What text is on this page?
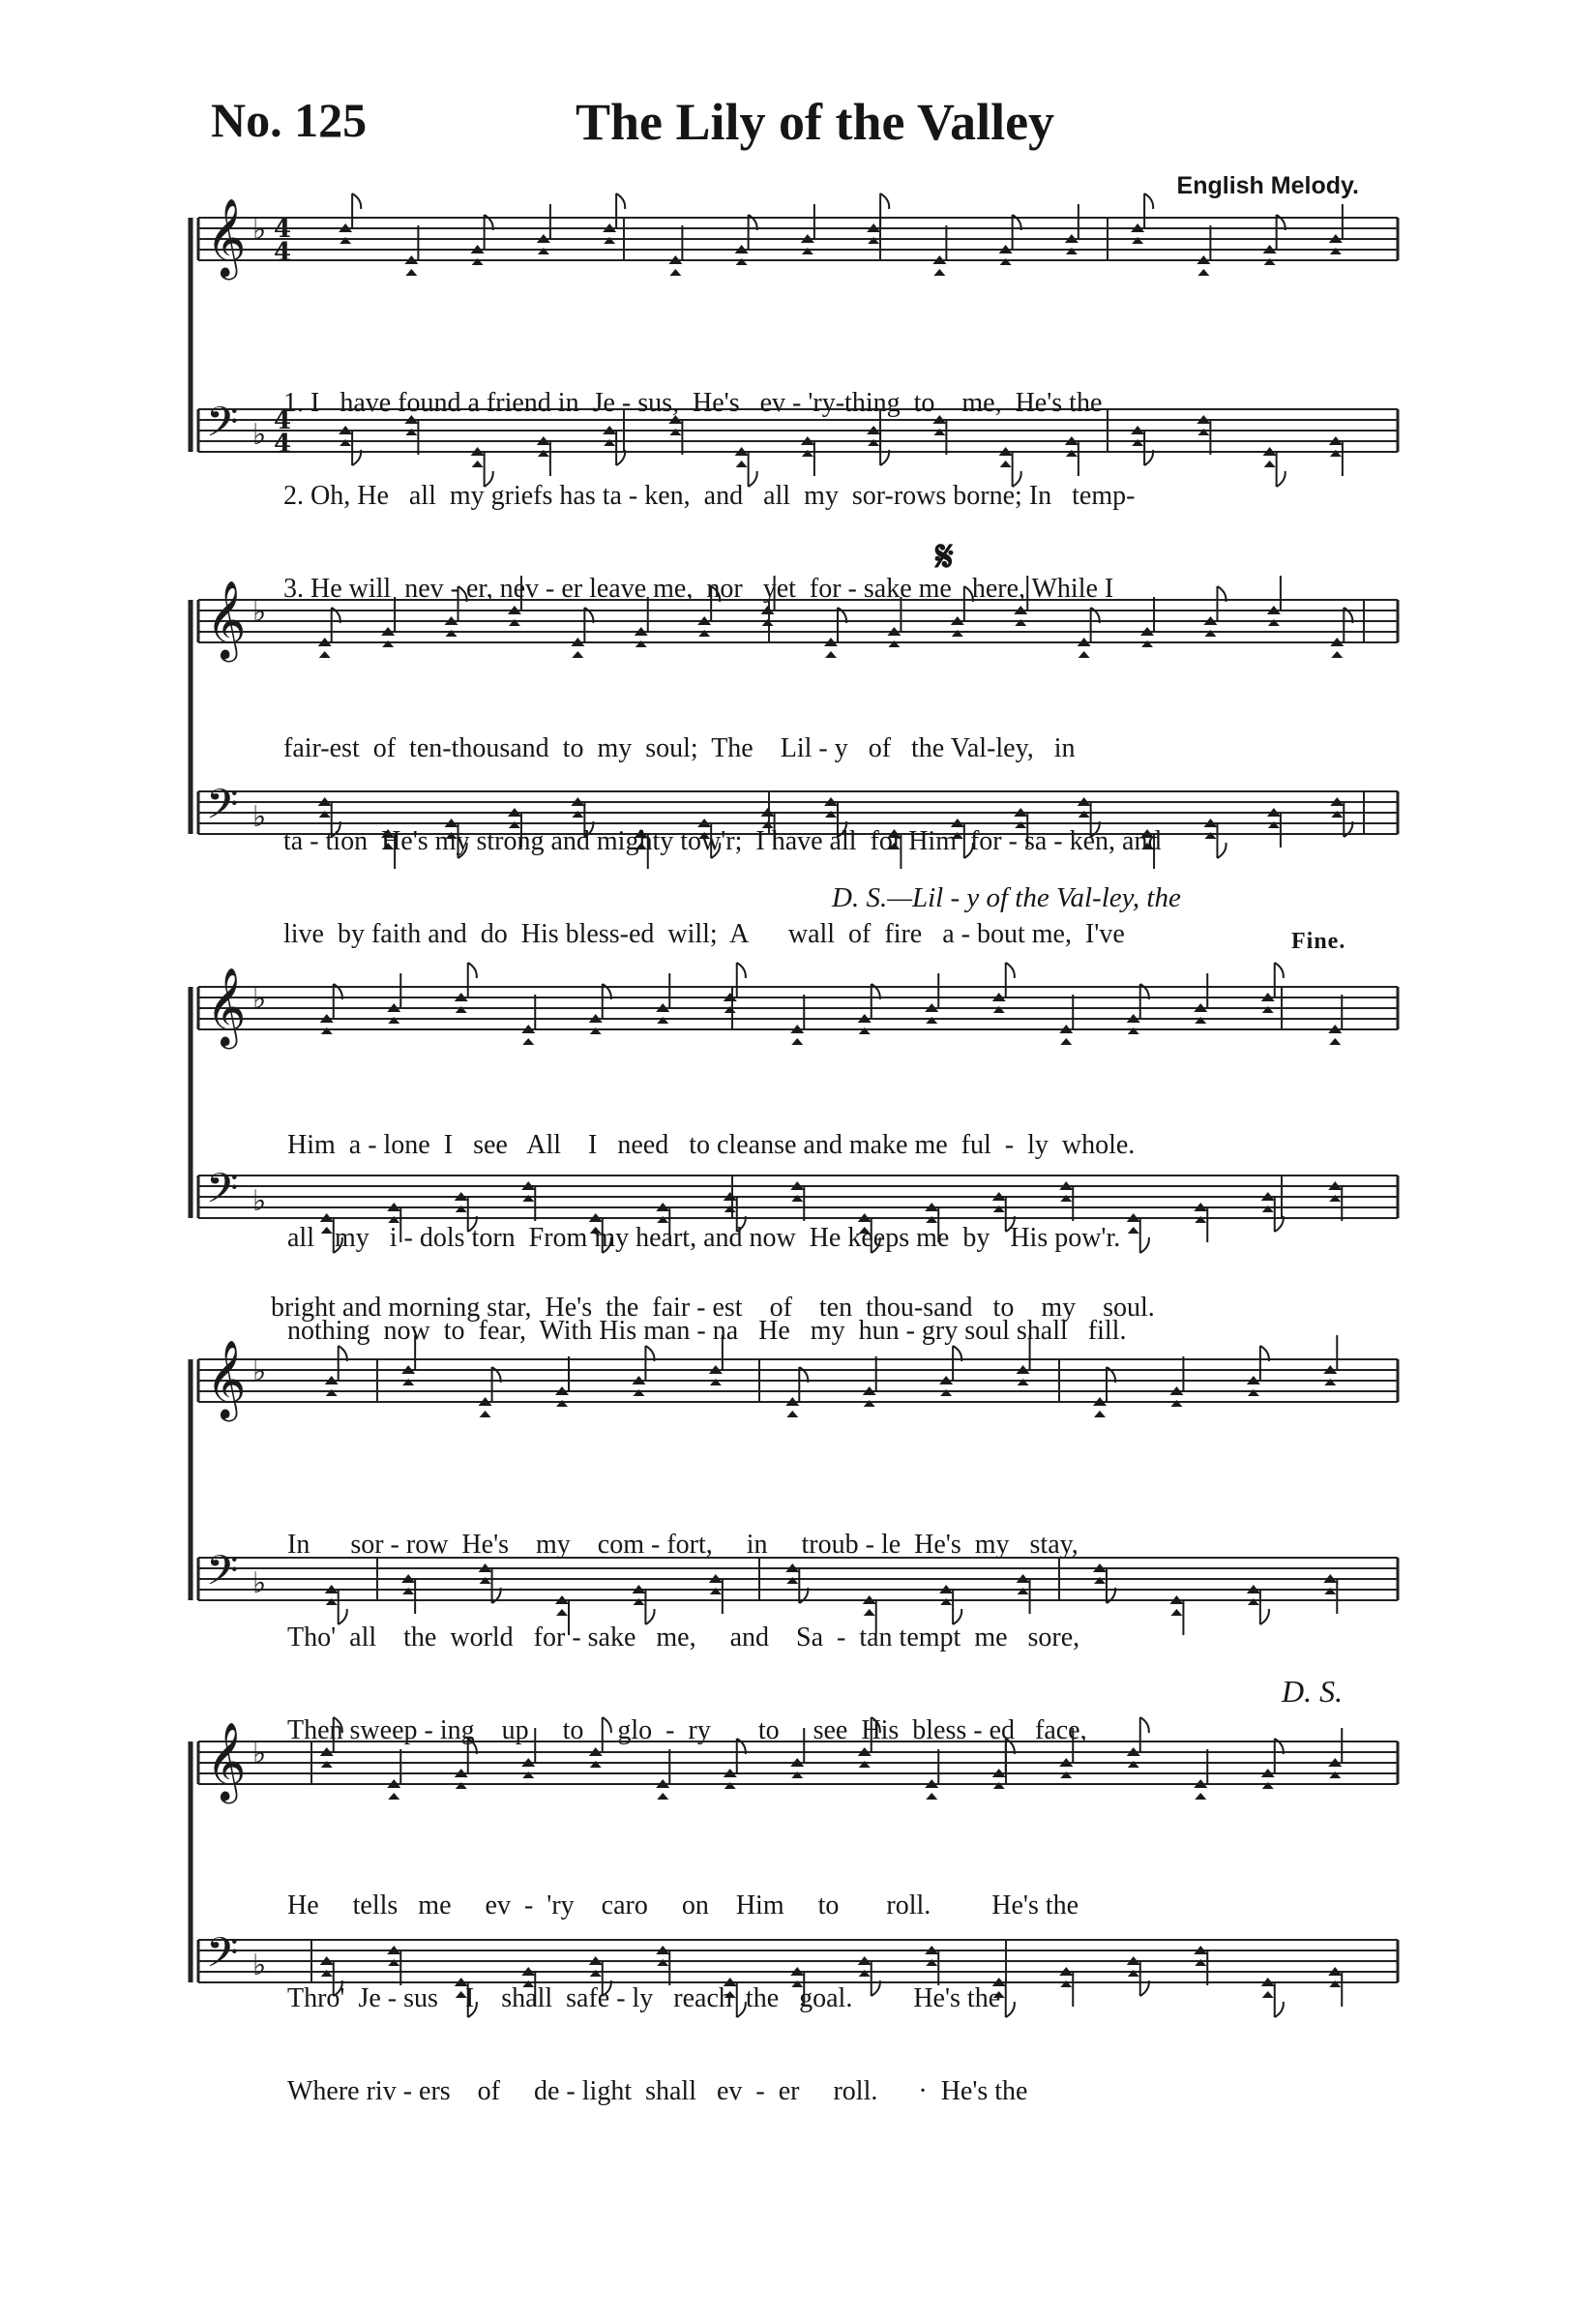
No. 125	The Lily of the Valley
English Melody.
𝄞 ♭ 4
4
𝄢 ♭ 4
4

1. I   have found a friend in  Je - sus,  He's   ev - 'ry-thing  to    me,  He's the

2. Oh, He   all  my griefs has ta - ken,  and   all  my  sor-rows borne; In   temp-

3. He will  nev - er, nev - er leave me,  nor   yet  for - sake me   here, While I

𝄞 ♭
𝄢 ♭
𝄋

fair-est  of  ten-thousand  to  my  soul;  The    Lil - y   of   the Val-ley,   in

ta - tion  He's my strong and mighty tow'r;  I have all  for Him  for - sa - ken, and

live  by faith and  do  His bless-ed  will;  A      wall  of  fire   a - bout me,  I've

D. S.—Lil - y of the Val-ley, the
𝄞 ♭
𝄢 ♭
Fine.

Him  a - lone  I   see   All    I   need   to cleanse and make me  ful  -  ly  whole.

all   my   i - dols torn  From my heart, and now  He keeps me  by   His pow'r.

nothing  now  to  fear,  With His man - na   He   my  hun - gry soul shall   fill.

bright and morning star,  He's  the  fair - est    of    ten  thou-sand   to    my    soul.
𝄞 ♭
𝄢 ♭

In      sor - row  He's    my    com - fort,     in     troub - le  He's  my   stay,

Tho'  all    the  world   for - sake   me,     and    Sa  -  tan tempt  me   sore,

Then sweep - ing    up     to     glo  -  ry       to     see  His  bless - ed   face,

𝄞 ♭
𝄢 ♭
D. S.

He     tells   me     ev  -  'ry    caro     on    Him     to       roll.         He's the

Thro'  Je - sus    I    shall  safe - ly   reach  the   goal.         He's the

Where riv - ers    of     de - light  shall   ev  -  er     roll.      ·  He's the
